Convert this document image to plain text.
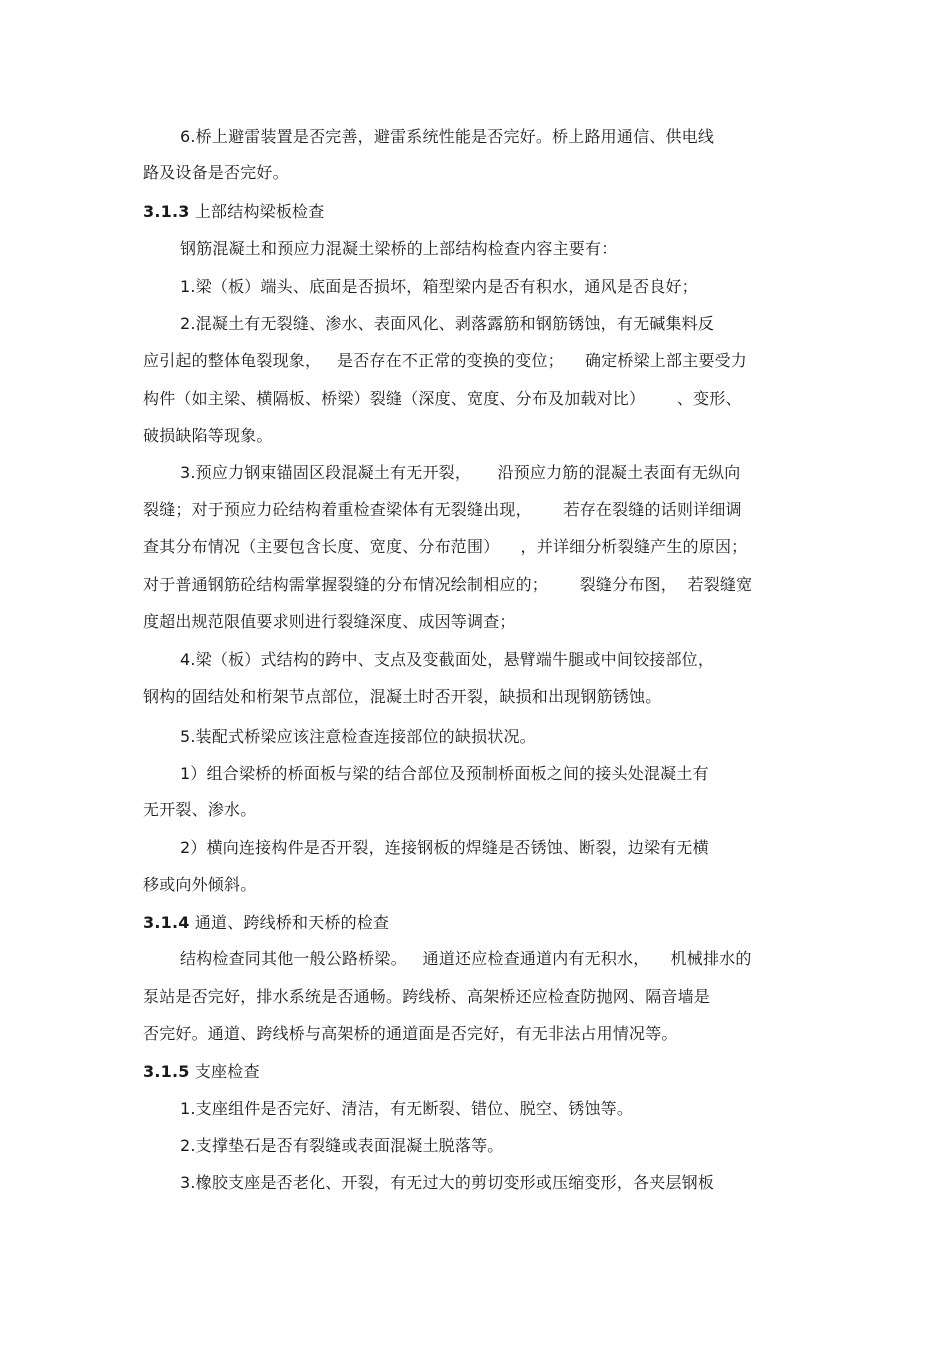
6.桥上避雷装置是否完善，避雷系统性能是否完好。桥上路用通信、供电线
路及设备是否完好。
3.1.3 上部结构梁板检查
钢筋混凝土和预应力混凝土梁桥的上部结构检查内容主要有：
1.梁（板）端头、底面是否损坏，箱型梁内是否有积水，通风是否良好；
2.混凝土有无裂缝、渗水、表面风化、剥落露筋和钢筋锈蚀，有无碱集料反
应引起的整体龟裂现象，   是否存在不正常的变换的变位；    确定桥梁上部主要受力
构件（如主梁、横隔板、桥梁）裂缝（深度、宽度、分布及加载对比）      、变形、
破损缺陷等现象。
3.预应力钢束锚固区段混凝土有无开裂，     沿预应力筋的混凝土表面有无纵向
裂缝；对于预应力砼结构着重检查梁体有无裂缝出现，      若存在裂缝的话则详细调
查其分布情况（主要包含长度、宽度、分布范围）    ，并详细分析裂缝产生的原因；
对于普通钢筋砼结构需掌握裂缝的分布情况绘制相应的；      裂缝分布图，  若裂缝宽
度超出规范限值要求则进行裂缝深度、成因等调查；
4.梁（板）式结构的跨中、支点及变截面处，悬臂端牛腿或中间铰接部位，
钢构的固结处和桁架节点部位，混凝土时否开裂，缺损和出现钢筋锈蚀。
5.装配式桥梁应该注意检查连接部位的缺损状况。
1）组合梁桥的桥面板与梁的结合部位及预制桥面板之间的接头处混凝土有
无开裂、渗水。
2）横向连接构件是否开裂，连接钢板的焊缝是否锈蚀、断裂，边梁有无横
移或向外倾斜。
3.1.4 通道、跨线桥和天桥的检查
结构检查同其他一般公路桥梁。   通道还应检查通道内有无积水，    机械排水的
泵站是否完好，排水系统是否通畅。跨线桥、高架桥还应检查防抛网、隔音墙是
否完好。通道、跨线桥与高架桥的通道面是否完好，有无非法占用情况等。
3.1.5 支座检查
1.支座组件是否完好、清洁，有无断裂、错位、脱空、锈蚀等。
2.支撑垫石是否有裂缝或表面混凝土脱落等。
3.橡胶支座是否老化、开裂，有无过大的剪切变形或压缩变形，各夹层钢板
